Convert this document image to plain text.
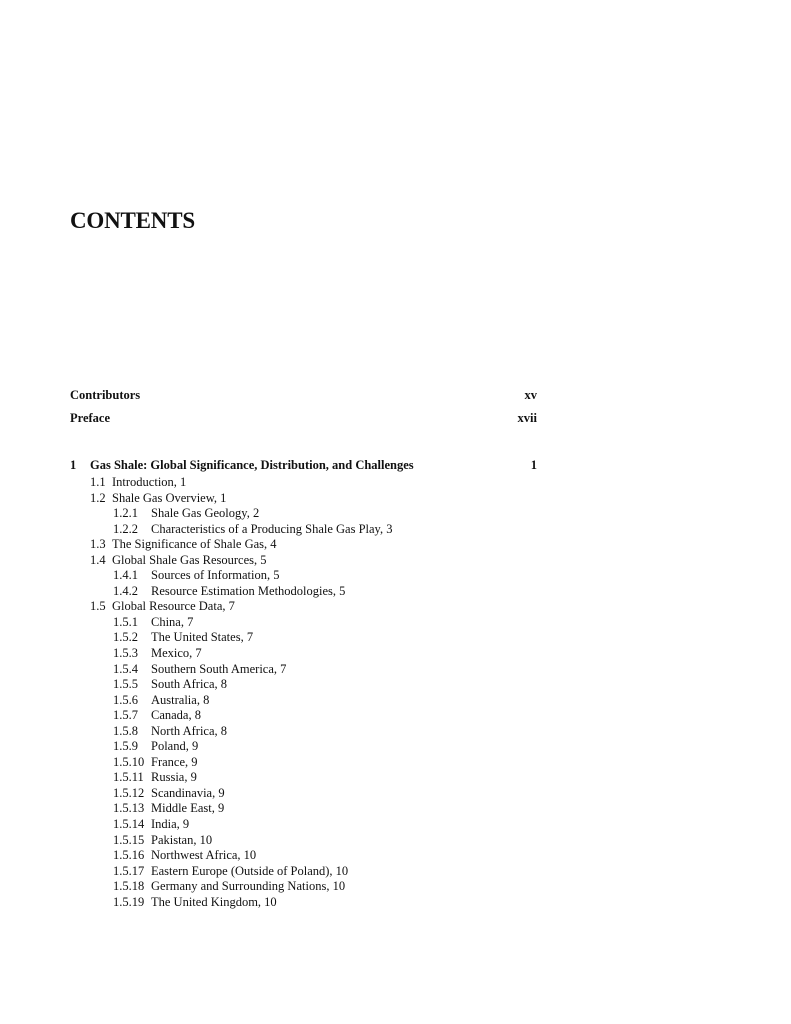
CONTENTS
Contributors	xv
Preface	xvii
1 Gas Shale: Global Significance, Distribution, and Challenges	1
1.1 Introduction, 1
1.2 Shale Gas Overview, 1
1.2.1 Shale Gas Geology, 2
1.2.2 Characteristics of a Producing Shale Gas Play, 3
1.3 The Significance of Shale Gas, 4
1.4 Global Shale Gas Resources, 5
1.4.1 Sources of Information, 5
1.4.2 Resource Estimation Methodologies, 5
1.5 Global Resource Data, 7
1.5.1 China, 7
1.5.2 The United States, 7
1.5.3 Mexico, 7
1.5.4 Southern South America, 7
1.5.5 South Africa, 8
1.5.6 Australia, 8
1.5.7 Canada, 8
1.5.8 North Africa, 8
1.5.9 Poland, 9
1.5.10 France, 9
1.5.11 Russia, 9
1.5.12 Scandinavia, 9
1.5.13 Middle East, 9
1.5.14 India, 9
1.5.15 Pakistan, 10
1.5.16 Northwest Africa, 10
1.5.17 Eastern Europe (Outside of Poland), 10
1.5.18 Germany and Surrounding Nations, 10
1.5.19 The United Kingdom, 10
